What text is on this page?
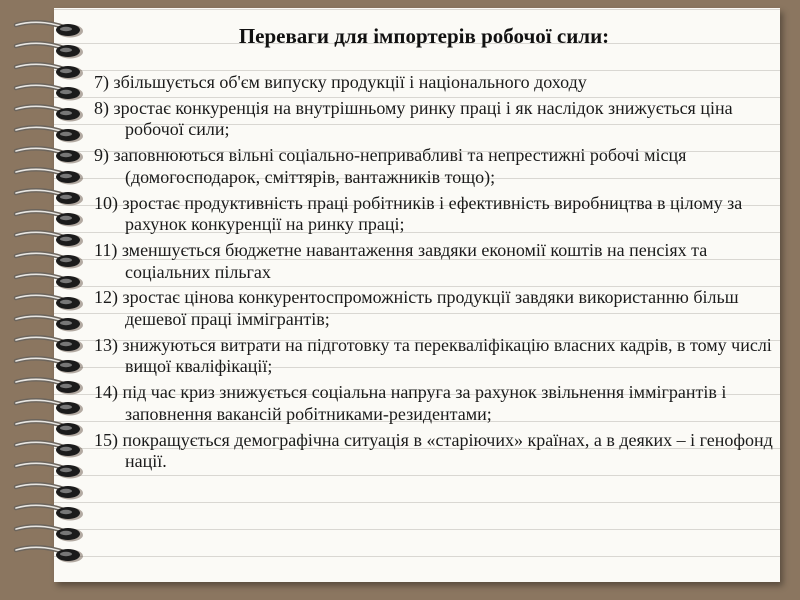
Переваги для імпортерів робочої сили:
7) збільшується об'єм випуску продукції і національного доходу
8) зростає конкуренція на внутрішньому ринку праці і як наслідок знижується ціна робочої сили;
9) заповнюються вільні соціально-непривабливі та непрестижні робочі місця (домогосподарок, сміттярів, вантажників тощо);
10) зростає продуктивність праці робітників і ефективність виробництва в цілому за рахунок конкуренції на ринку праці;
11) зменшується бюджетне навантаження завдяки економії коштів на пенсіях та соціальних пільгах
12) зростає цінова конкурентоспроможність продукції завдяки використанню більш дешевої праці іммігрантів;
13) знижуються витрати на підготовку та перекваліфікацію власних кадрів, в тому числі вищої кваліфікації;
14) під час криз знижується соціальна напруга за рахунок звільнення іммігрантів і заповнення вакансій робітниками-резидентами;
15) покращується демографічна ситуація в «старіючих» країнах, а в деяких – і генофонд нації.
